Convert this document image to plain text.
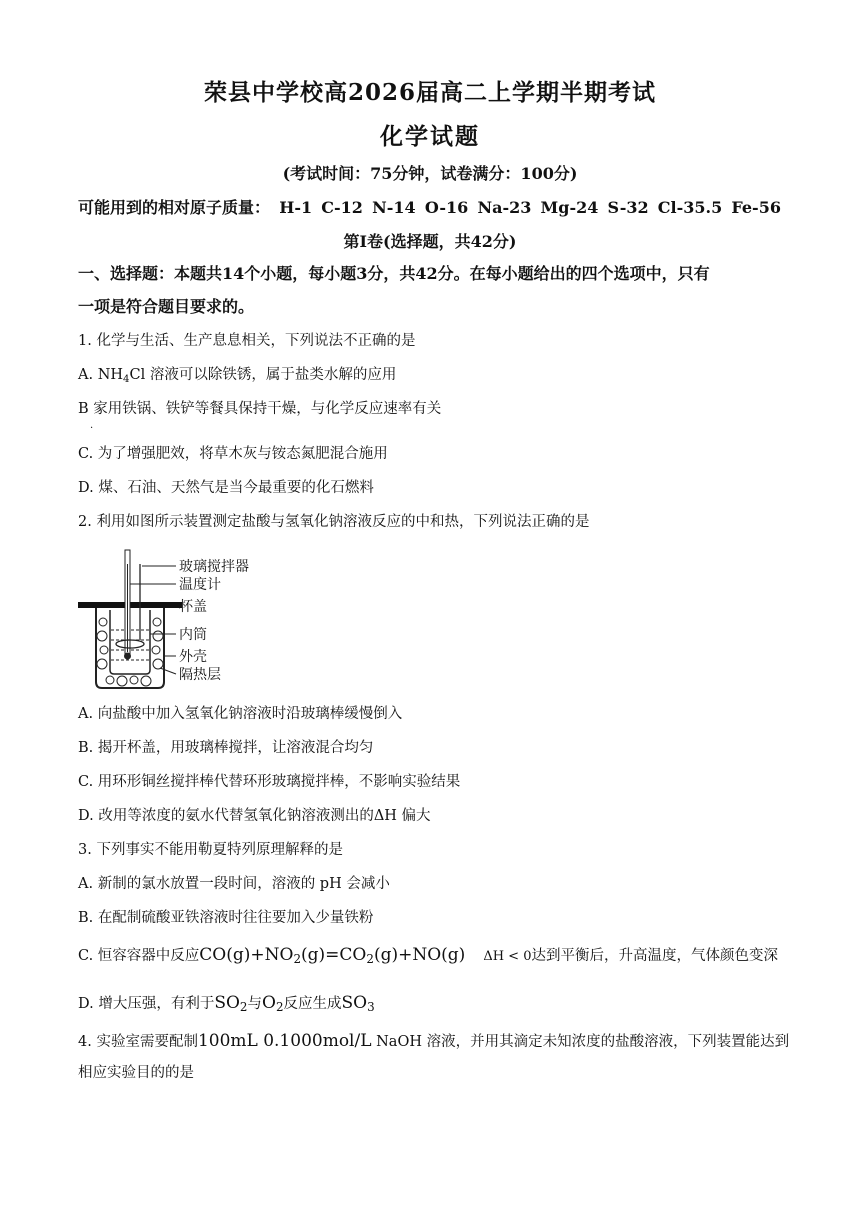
荣县中学校高2026届高二上学期半期考试
化学试题
(考试时间：75分钟，试卷满分：100分)
可能用到的相对原子质量： H-1 C-12 N-14 O-16 Na-23 Mg-24 S-32 Cl-35.5 Fe-56
第Ⅰ卷(选择题，共42分)
一、选择题：本题共14个小题，每小题3分，共42分。在每小题给出的四个选项中，只有
一项是符合题目要求的。
1. 化学与生活、生产息息相关，下列说法不正确的是
A. $NH_4Cl$ 溶液可以除铁锈，属于盐类水解的应用
B 家用铁锅、铁铲等餐具保持干燥，与化学反应速率有关
.
C. 为了增强肥效，将草木灰与铵态氮肥混合施用
D. 煤、石油、天然气是当今最重要的化石燃料
2. 利用如图所示装置测定盐酸与氢氧化钠溶液反应的中和热，下列说法正确的是
玻璃搅拌器
温度计
杯盖
内筒
外壳
隔热层
A. 向盐酸中加入氢氧化钠溶液时沿玻璃棒缓慢倒入
B. 揭开杯盖，用玻璃棒搅拌，让溶液混合均匀
C. 用环形铜丝搅拌棒代替环形玻璃搅拌棒，不影响实验结果
D. 改用等浓度的氨水代替氢氧化钠溶液测出的ΔH 偏大
3. 下列事实不能用勒夏特列原理解释的是
A. 新制的氯水放置一段时间，溶液的 pH 会减小
B. 在配制硫酸亚铁溶液时往往要加入少量铁粉
C. 恒容容器中反应$CO(g)+NO_2(g)=CO_2(g)+NO(g) \Delta H < 0$达到平衡后，升高温度，气体颜色变深
D. 增大压强，有利于$SO_2$与$O_2$反应生成$SO_3$
4. 实验室需要配制100mL 0.1000mol/L NaOH 溶液，并用其滴定未知浓度的盐酸溶液，下列装置能达到
相应实验目的的是
